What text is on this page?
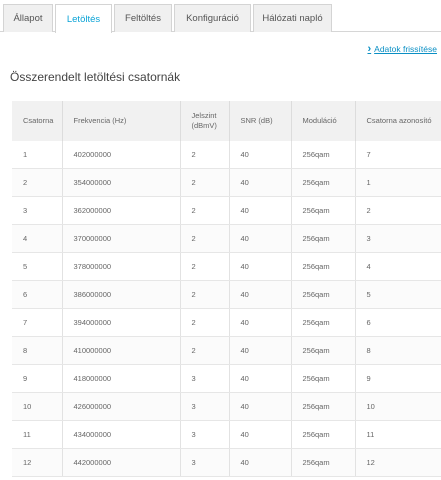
Állapot	Letöltés	Feltöltés	Konfiguráció	Hálózati napló
› Adatok frissítése
Összerendelt letöltési csatornák
Csatorna	Frekvencia (Hz)	Jelszint (dBmV)	SNR (dB)	Moduláció	Csatorna azonosító
1	402000000	2	40	256qam	7
2	354000000	2	40	256qam	1
3	362000000	2	40	256qam	2
4	370000000	2	40	256qam	3
5	378000000	2	40	256qam	4
6	386000000	2	40	256qam	5
7	394000000	2	40	256qam	6
8	410000000	2	40	256qam	8
9	418000000	3	40	256qam	9
10	426000000	3	40	256qam	10
11	434000000	3	40	256qam	11
12	442000000	3	40	256qam	12
